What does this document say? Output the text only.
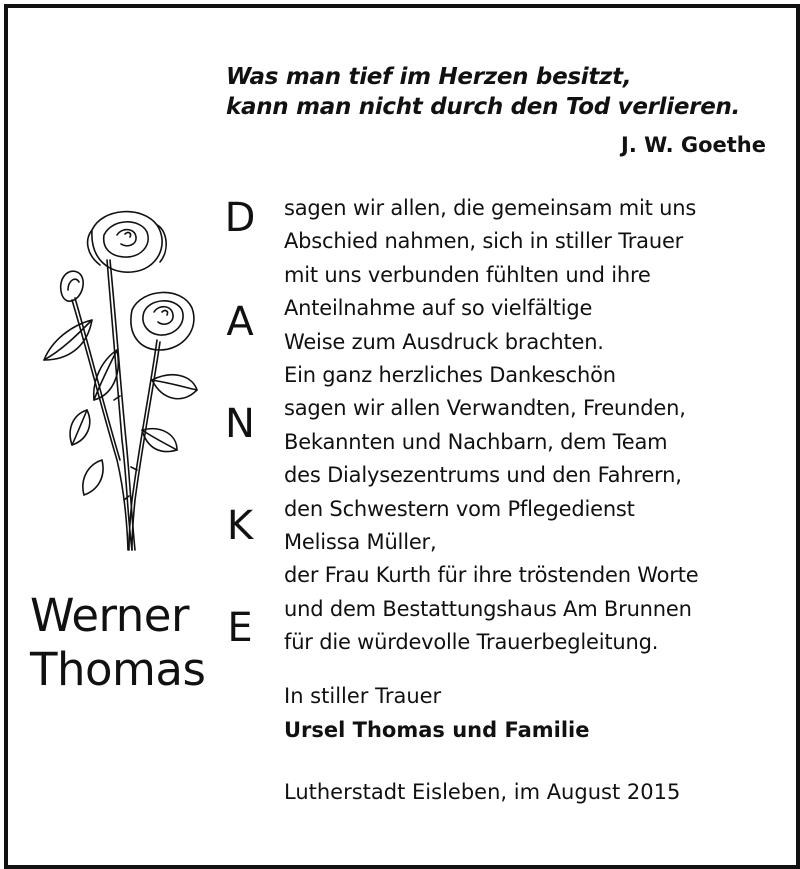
Was man tief im Herzen besitzt,
kann man nicht durch den Tod verlieren.
J. W. Goethe
D
A
N
K
E
sagen wir allen, die gemeinsam mit uns
Abschied nahmen, sich in stiller Trauer
mit uns verbunden fühlten und ihre
Anteilnahme auf so vielfältige
Weise zum Ausdruck brachten.
Ein ganz herzliches Dankeschön
sagen wir allen Verwandten, Freunden,
Bekannten und Nachbarn, dem Team
des Dialysezentrums und den Fahrern,
den Schwestern vom Pflegedienst
Melissa Müller,
der Frau Kurth für ihre tröstenden Worte
und dem Bestattungshaus Am Brunnen
für die würdevolle Trauerbegleitung.
Werner
Thomas	In stiller Trauer
Ursel Thomas und Familie
Lutherstadt Eisleben, im August 2015
